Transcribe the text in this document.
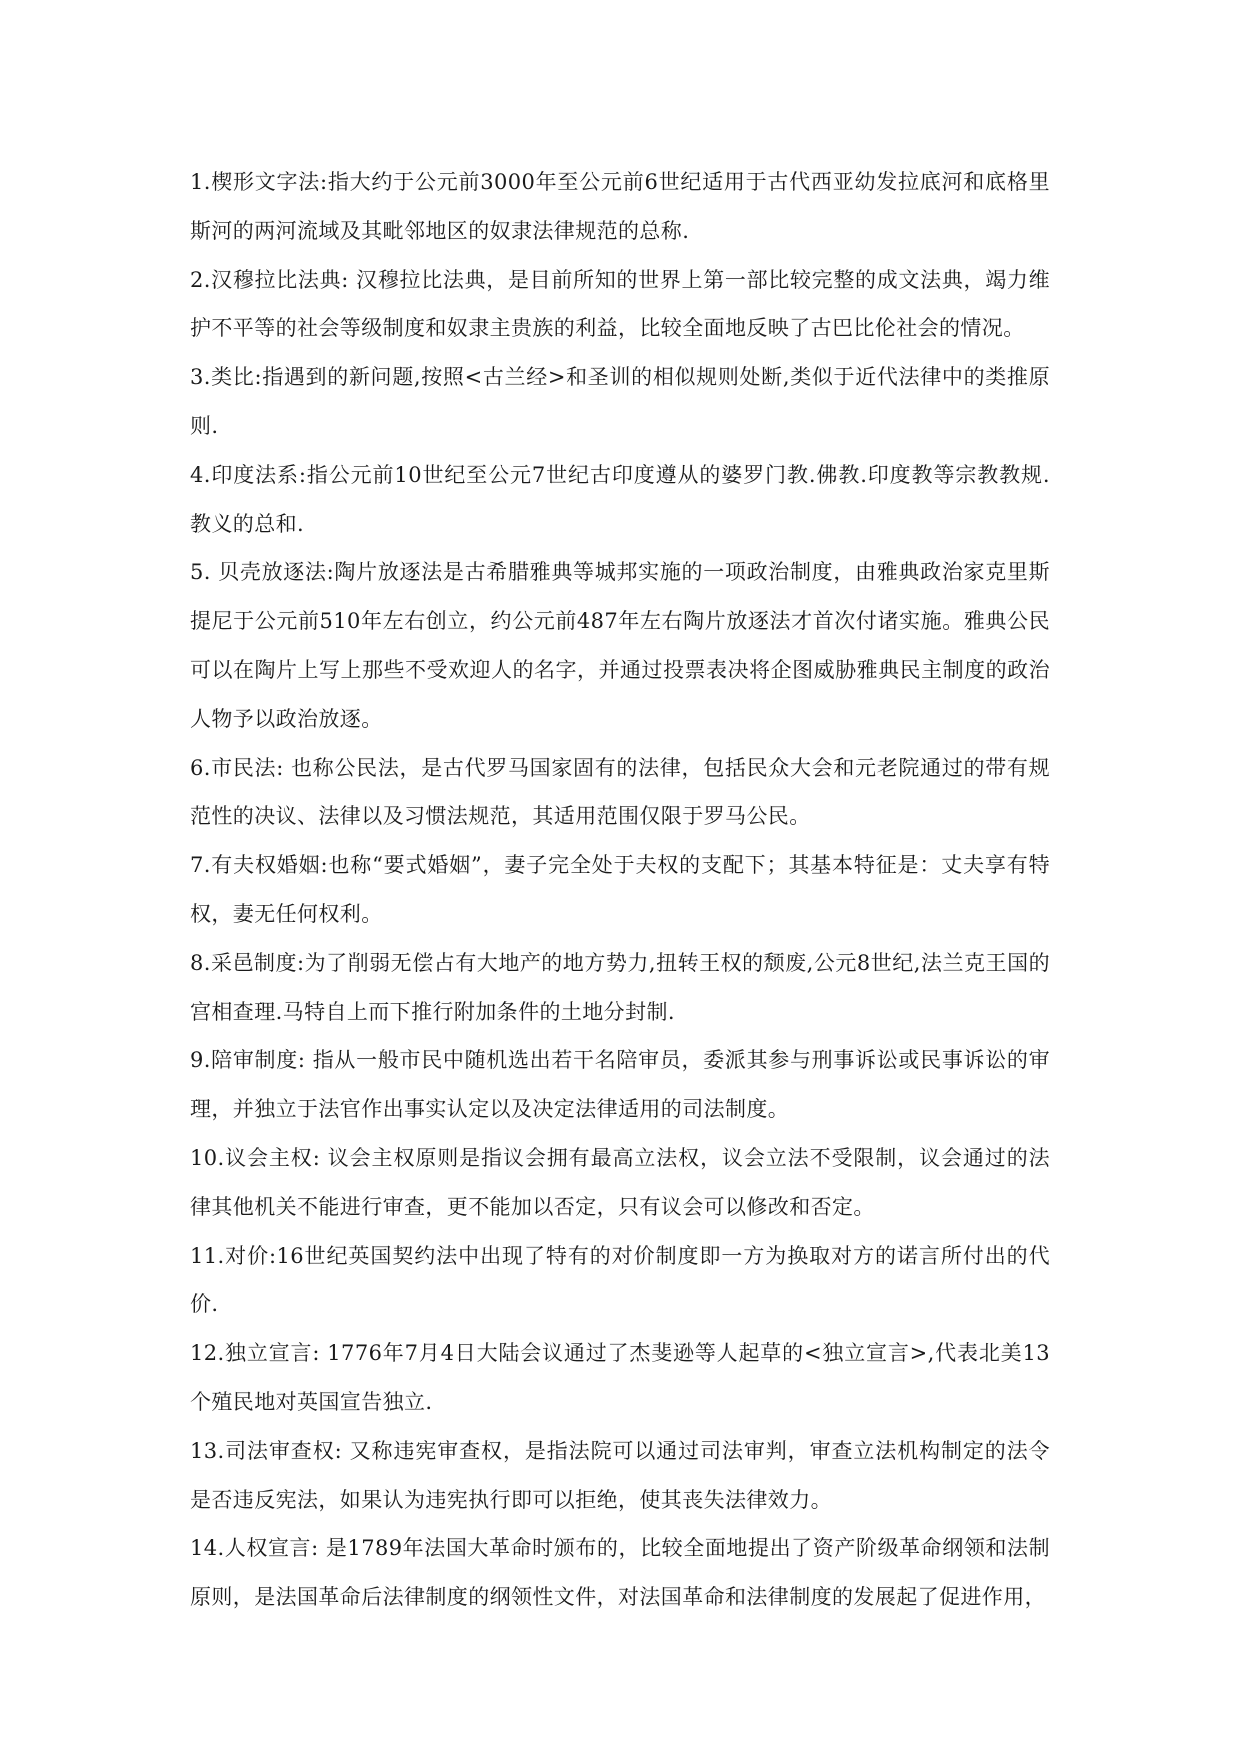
1.楔形文字法:指大约于公元前3000年至公元前6世纪适用于古代西亚幼发拉底河和底格里斯河的两河流域及其毗邻地区的奴隶法律规范的总称.

2.汉穆拉比法典: 汉穆拉比法典，是目前所知的世界上第一部比较完整的成文法典，竭力维护不平等的社会等级制度和奴隶主贵族的利益，比较全面地反映了古巴比伦社会的情况。

3.类比:指遇到的新问题,按照<古兰经>和圣训的相似规则处断,类似于近代法律中的类推原则.

4.印度法系:指公元前10世纪至公元7世纪古印度遵从的婆罗门教.佛教.印度教等宗教教规.教义的总和.

5. 贝壳放逐法:陶片放逐法是古希腊雅典等城邦实施的一项政治制度，由雅典政治家克里斯提尼于公元前510年左右创立，约公元前487年左右陶片放逐法才首次付诸实施。雅典公民可以在陶片上写上那些不受欢迎人的名字，并通过投票表决将企图威胁雅典民主制度的政治人物予以政治放逐。

6.市民法: 也称公民法，是古代罗马国家固有的法律，包括民众大会和元老院通过的带有规范性的决议、法律以及习惯法规范，其适用范围仅限于罗马公民。

7.有夫权婚姻:也称“要式婚姻”，妻子完全处于夫权的支配下；其基本特征是：丈夫享有特权，妻无任何权利。

8.采邑制度:为了削弱无偿占有大地产的地方势力,扭转王权的颓废,公元8世纪,法兰克王国的宫相查理.马特自上而下推行附加条件的土地分封制.

9.陪审制度: 指从一般市民中随机选出若干名陪审员，委派其参与刑事诉讼或民事诉讼的审理，并独立于法官作出事实认定以及决定法律适用的司法制度。

10.议会主权: 议会主权原则是指议会拥有最高立法权，议会立法不受限制，议会通过的法律其他机关不能进行审查，更不能加以否定，只有议会可以修改和否定。

11.对价:16世纪英国契约法中出现了特有的对价制度即一方为换取对方的诺言所付出的代价.

12.独立宣言: 1776年7月4日大陆会议通过了杰斐逊等人起草的<独立宣言>,代表北美13个殖民地对英国宣告独立.

13.司法审查权: 又称违宪审查权，是指法院可以通过司法审判，审查立法机构制定的法令是否违反宪法，如果认为违宪执行即可以拒绝，使其丧失法律效力。

14.人权宣言: 是1789年法国大革命时颁布的，比较全面地提出了资产阶级革命纲领和法制原则，是法国革命后法律制度的纲领性文件，对法国革命和法律制度的发展起了促进作用，
